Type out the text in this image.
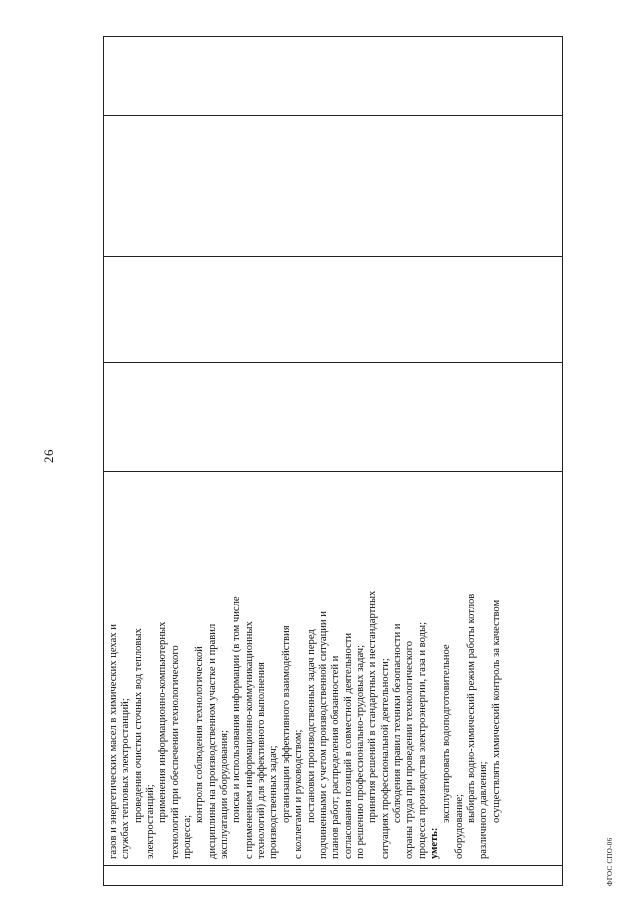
26
газов и энергетических масел в химических цехах и службах тепловых электростанций; проведения очистки сточных вод тепловых электростанций; применения информационно-компьютерных технологий при обеспечении технологического процесса;
контроля соблюдения технологической дисциплины на производственном участке и правил эксплуатации оборудования; поиска и использования информации (в том числе с применением информационно-коммуникационных технологий) для эффективного выполнения производственных задач; организации эффективного взаимодействия с коллегами и руководством; постановки производственных задач перед подчиненными с учетом производственной ситуации и планов работ; распределения обязанностей и согласования позиций в совместной деятельности по решению профессионально-трудовых задач; принятия решений в стандартных и нестандартных ситуациях профессиональной деятельности; соблюдения правил техники безопасности и охраны труда при проведении технологического процесса производства электроэнергии, газа и воды; уметь:
эксплуатировать водоподготовительное
оборудование;
выбирать водно-химический режим работы котлов различного давления; осуществлять химический контроль за качеством
ФГОС СПО-06
